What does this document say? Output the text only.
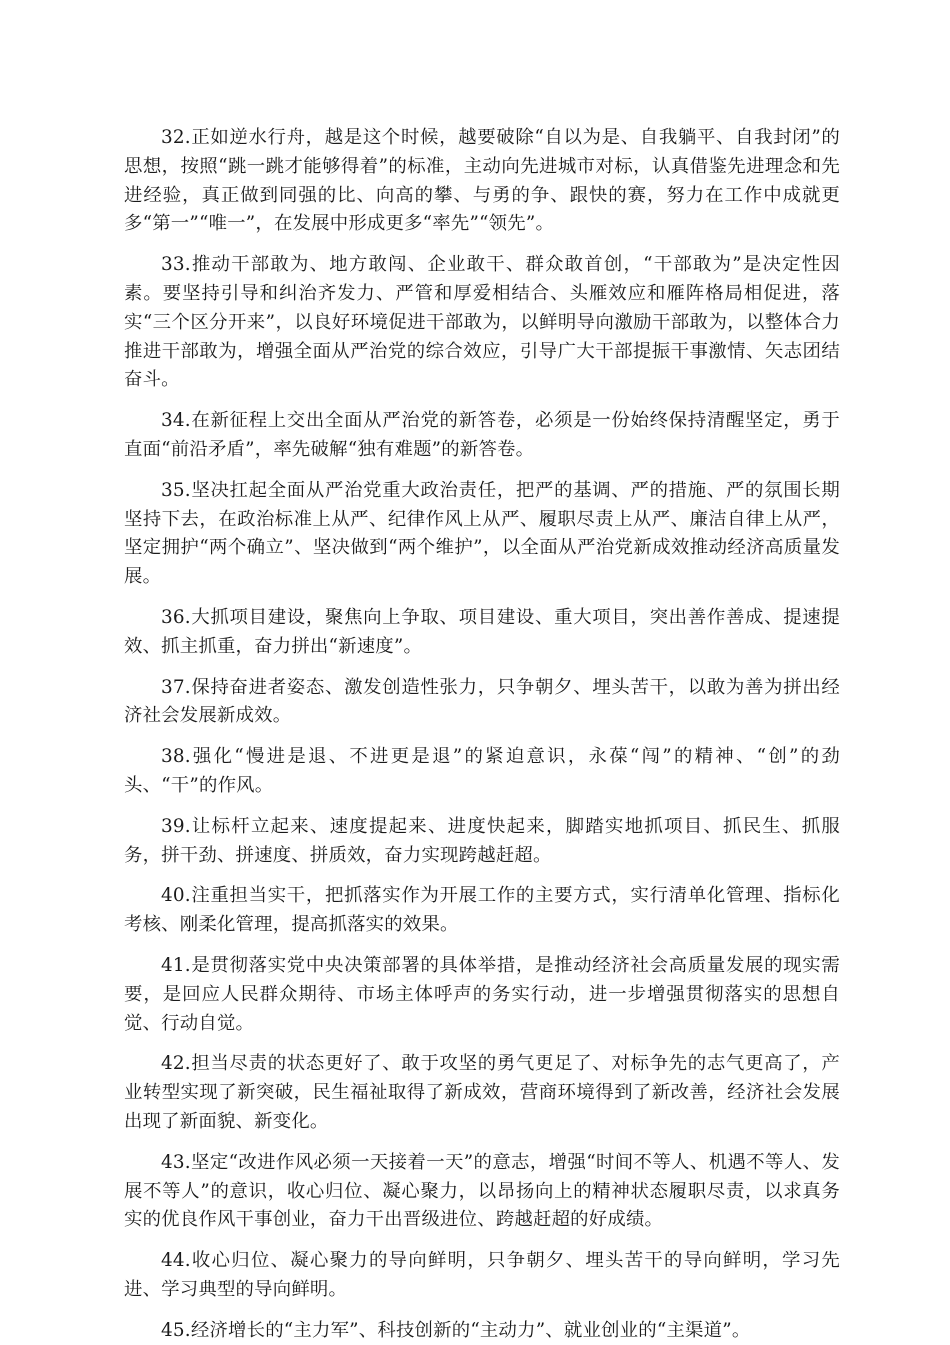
32.正如逆水行舟，越是这个时候，越要破除“自以为是、自我躺平、自我封闭”的思想，按照“跳一跳才能够得着”的标准，主动向先进城市对标，认真借鉴先进理念和先进经验，真正做到同强的比、向高的攀、与勇的争、跟快的赛，努力在工作中成就更多“第一”“唯一”，在发展中形成更多“率先”“领先”。

33.推动干部敢为、地方敢闯、企业敢干、群众敢首创，“干部敢为”是决定性因素。要坚持引导和纠治齐发力、严管和厚爱相结合、头雁效应和雁阵格局相促进，落实“三个区分开来”，以良好环境促进干部敢为，以鲜明导向激励干部敢为，以整体合力推进干部敢为，增强全面从严治党的综合效应，引导广大干部提振干事激情、矢志团结奋斗。

34.在新征程上交出全面从严治党的新答卷，必须是一份始终保持清醒坚定，勇于直面“前沿矛盾”，率先破解“独有难题”的新答卷。

35.坚决扛起全面从严治党重大政治责任，把严的基调、严的措施、严的氛围长期坚持下去，在政治标准上从严、纪律作风上从严、履职尽责上从严、廉洁自律上从严，坚定拥护“两个确立”、坚决做到“两个维护”，以全面从严治党新成效推动经济高质量发展。

36.大抓项目建设，聚焦向上争取、项目建设、重大项目，突出善作善成、提速提效、抓主抓重，奋力拼出“新速度”。

37.保持奋进者姿态、激发创造性张力，只争朝夕、埋头苦干，以敢为善为拼出经济社会发展新成效。

38.强化“慢进是退、不进更是退”的紧迫意识，永葆“闯”的精神、“创”的劲头、“干”的作风。

39.让标杆立起来、速度提起来、进度快起来，脚踏实地抓项目、抓民生、抓服务，拼干劲、拼速度、拼质效，奋力实现跨越赶超。

40.注重担当实干，把抓落实作为开展工作的主要方式，实行清单化管理、指标化考核、刚柔化管理，提高抓落实的效果。

41.是贯彻落实党中央决策部署的具体举措，是推动经济社会高质量发展的现实需要，是回应人民群众期待、市场主体呼声的务实行动，进一步增强贯彻落实的思想自觉、行动自觉。

42.担当尽责的状态更好了、敢于攻坚的勇气更足了、对标争先的志气更高了，产业转型实现了新突破，民生福祉取得了新成效，营商环境得到了新改善，经济社会发展出现了新面貌、新变化。

43.坚定“改进作风必须一天接着一天”的意志，增强“时间不等人、机遇不等人、发展不等人”的意识，收心归位、凝心聚力，以昂扬向上的精神状态履职尽责，以求真务实的优良作风干事创业，奋力干出晋级进位、跨越赶超的好成绩。

44.收心归位、凝心聚力的导向鲜明，只争朝夕、埋头苦干的导向鲜明，学习先进、学习典型的导向鲜明。

45.经济增长的“主力军”、科技创新的“主动力”、就业创业的“主渠道”。
